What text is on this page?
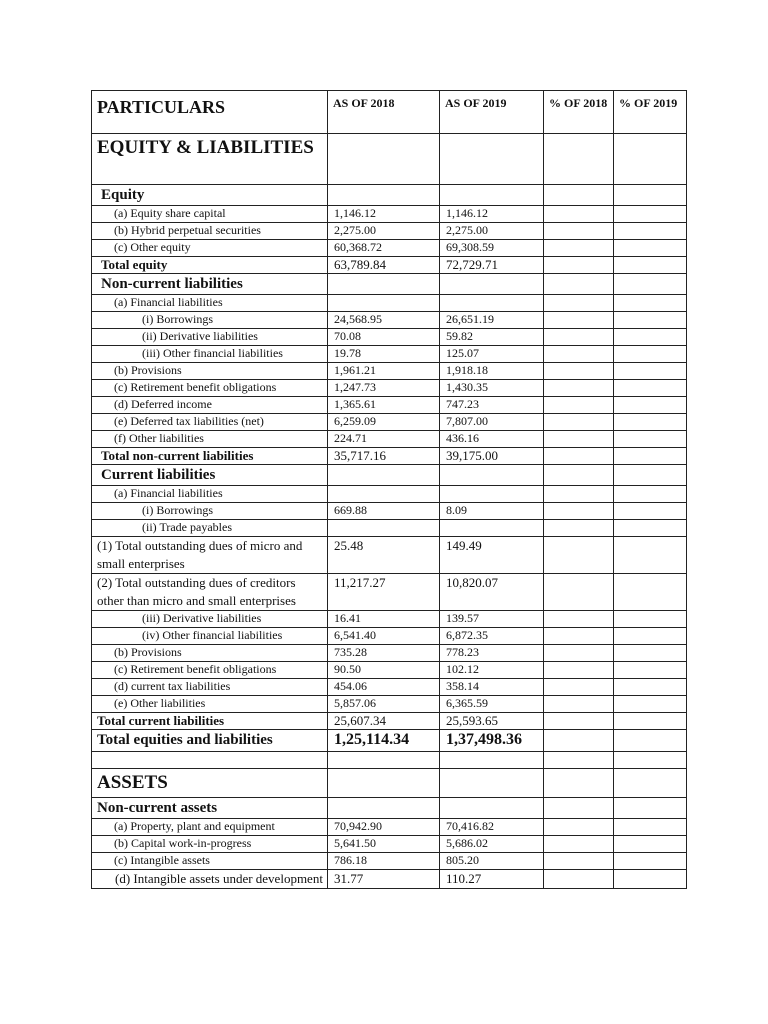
PARTICULARS	AS OF 2018	AS OF 2019	% OF 2018	% OF 2019
EQUITY & LIABILITIES				
Equity				
(a) Equity share capital	1,146.12	1,146.12		
(b) Hybrid perpetual securities	2,275.00	2,275.00		
(c) Other equity	60,368.72	69,308.59		
Total equity	63,789.84	72,729.71		
Non-current liabilities				
(a) Financial liabilities				
(i) Borrowings	24,568.95	26,651.19		
(ii) Derivative liabilities	70.08	59.82		
(iii) Other financial liabilities	19.78	125.07		
(b) Provisions	1,961.21	1,918.18		
(c) Retirement benefit obligations	1,247.73	1,430.35		
(d) Deferred income	1,365.61	747.23		
(e) Deferred tax liabilities (net)	6,259.09	7,807.00		
(f) Other liabilities	224.71	436.16		
Total non-current liabilities	35,717.16	39,175.00		
Current liabilities				
(a) Financial liabilities				
(i) Borrowings	669.88	8.09		
(ii) Trade payables				
(1) Total outstanding dues of micro and small enterprises	25.48	149.49		
(2) Total outstanding dues of creditors other than micro and small enterprises	11,217.27	10,820.07		
(iii) Derivative liabilities	16.41	139.57		
(iv) Other financial liabilities	6,541.40	6,872.35		
(b) Provisions	735.28	778.23		
(c) Retirement benefit obligations	90.50	102.12		
(d) current tax liabilities	454.06	358.14		
(e) Other liabilities	5,857.06	6,365.59		
Total current liabilities	25,607.34	25,593.65		
Total equities and liabilities	1,25,114.34	1,37,498.36		

ASSETS				
Non-current assets				
(a) Property, plant and equipment	70,942.90	70,416.82		
(b) Capital work-in-progress	5,641.50	5,686.02		
(c) Intangible assets	786.18	805.20		
(d) Intangible assets under development	31.77	110.27		
